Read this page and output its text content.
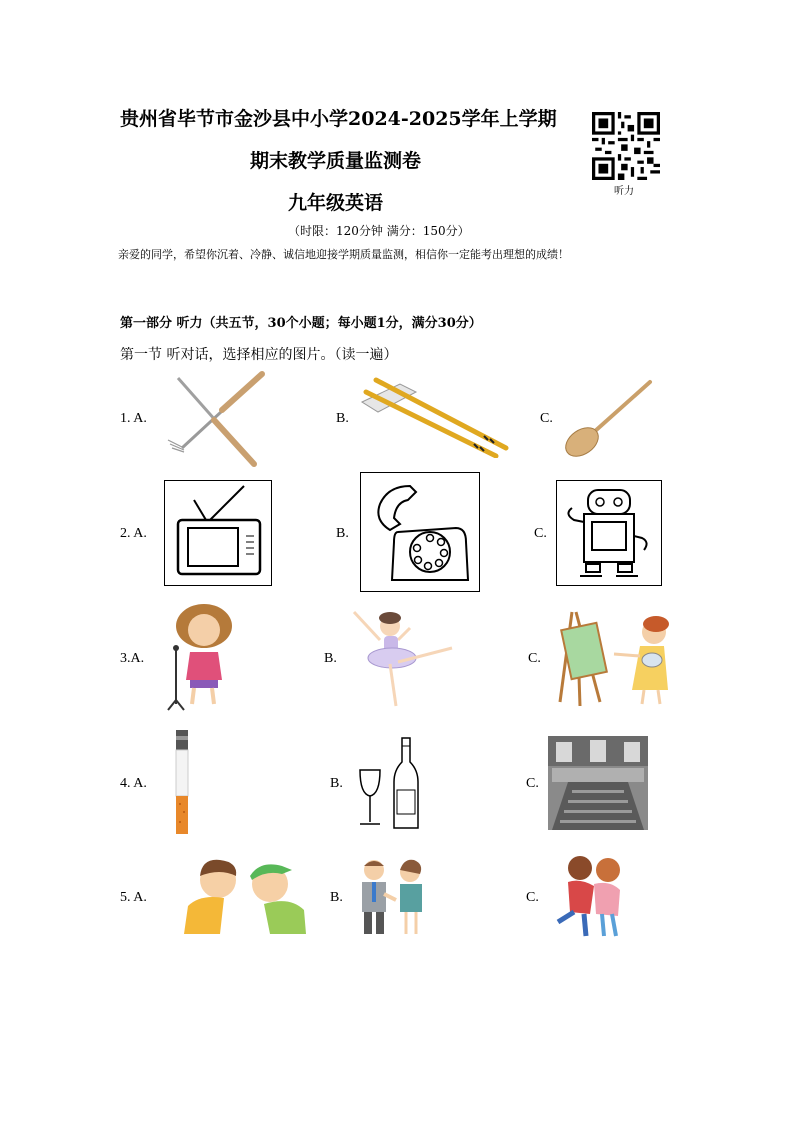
贵州省毕节市金沙县中小学2024-2025学年上学期
期末教学质量监测卷
九年级英语
（时限：120分钟 满分：150分）
亲爱的同学，希望你沉着、冷静、诚信地迎接学期质量监测，相信你一定能考出理想的成绩！
听力
第一部分 听力（共五节，30个小题；每小题1分，满分30分）
第一节 听对话，选择相应的图片。（读一遍）
1. A.	B.	C.
2. A.	B.	C.
3.A.	B.	C.
4. A.	B.	C.
5. A.	B.	C.
